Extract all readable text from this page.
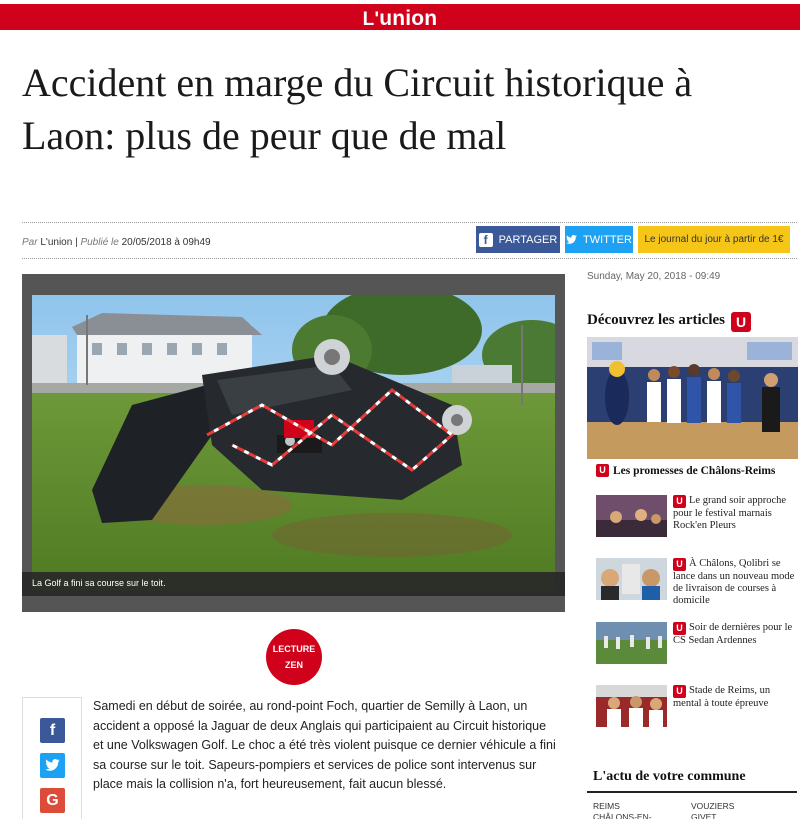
L'union
Accident en marge du Circuit historique à Laon: plus de peur que de mal
Par L'union | Publié le 20/05/2018 à 09h49	f	PARTAGER TWITTER Le journal du jour à partir de 1€
La Golf a fini sa course sur le toit.
LECTURE
ZEN
f
G

Samedi en début de soirée, au rond-point Foch, quartier de Semilly à Laon, un accident a opposé la Jaguar de deux Anglais qui participaient au Circuit historique et une Volkswagen Golf. Le choc a été très violent puisque ce dernier véhicule a fini sa course sur le toit. Sapeurs-pompiers et services de police sont intervenus sur place mais la collision n'a, fort heureusement, fait aucun blessé.

Sunday, May 20, 2018 - 09:49
Découvrez les articles U
U Les promesses de Châlons-Reims
U Le grand soir approche pour le festival marnais Rock'en Pleurs
U À Châlons, Qolibri se lance dans un nouveau mode de livraison de courses à domicile
U Soir de dernières pour le CS Sedan Ardennes
U Stade de Reims, un mental à toute épreuve
L'actu de votre commune
REIMS
CHÂLONS-EN-
VOUZIERS
GIVET
